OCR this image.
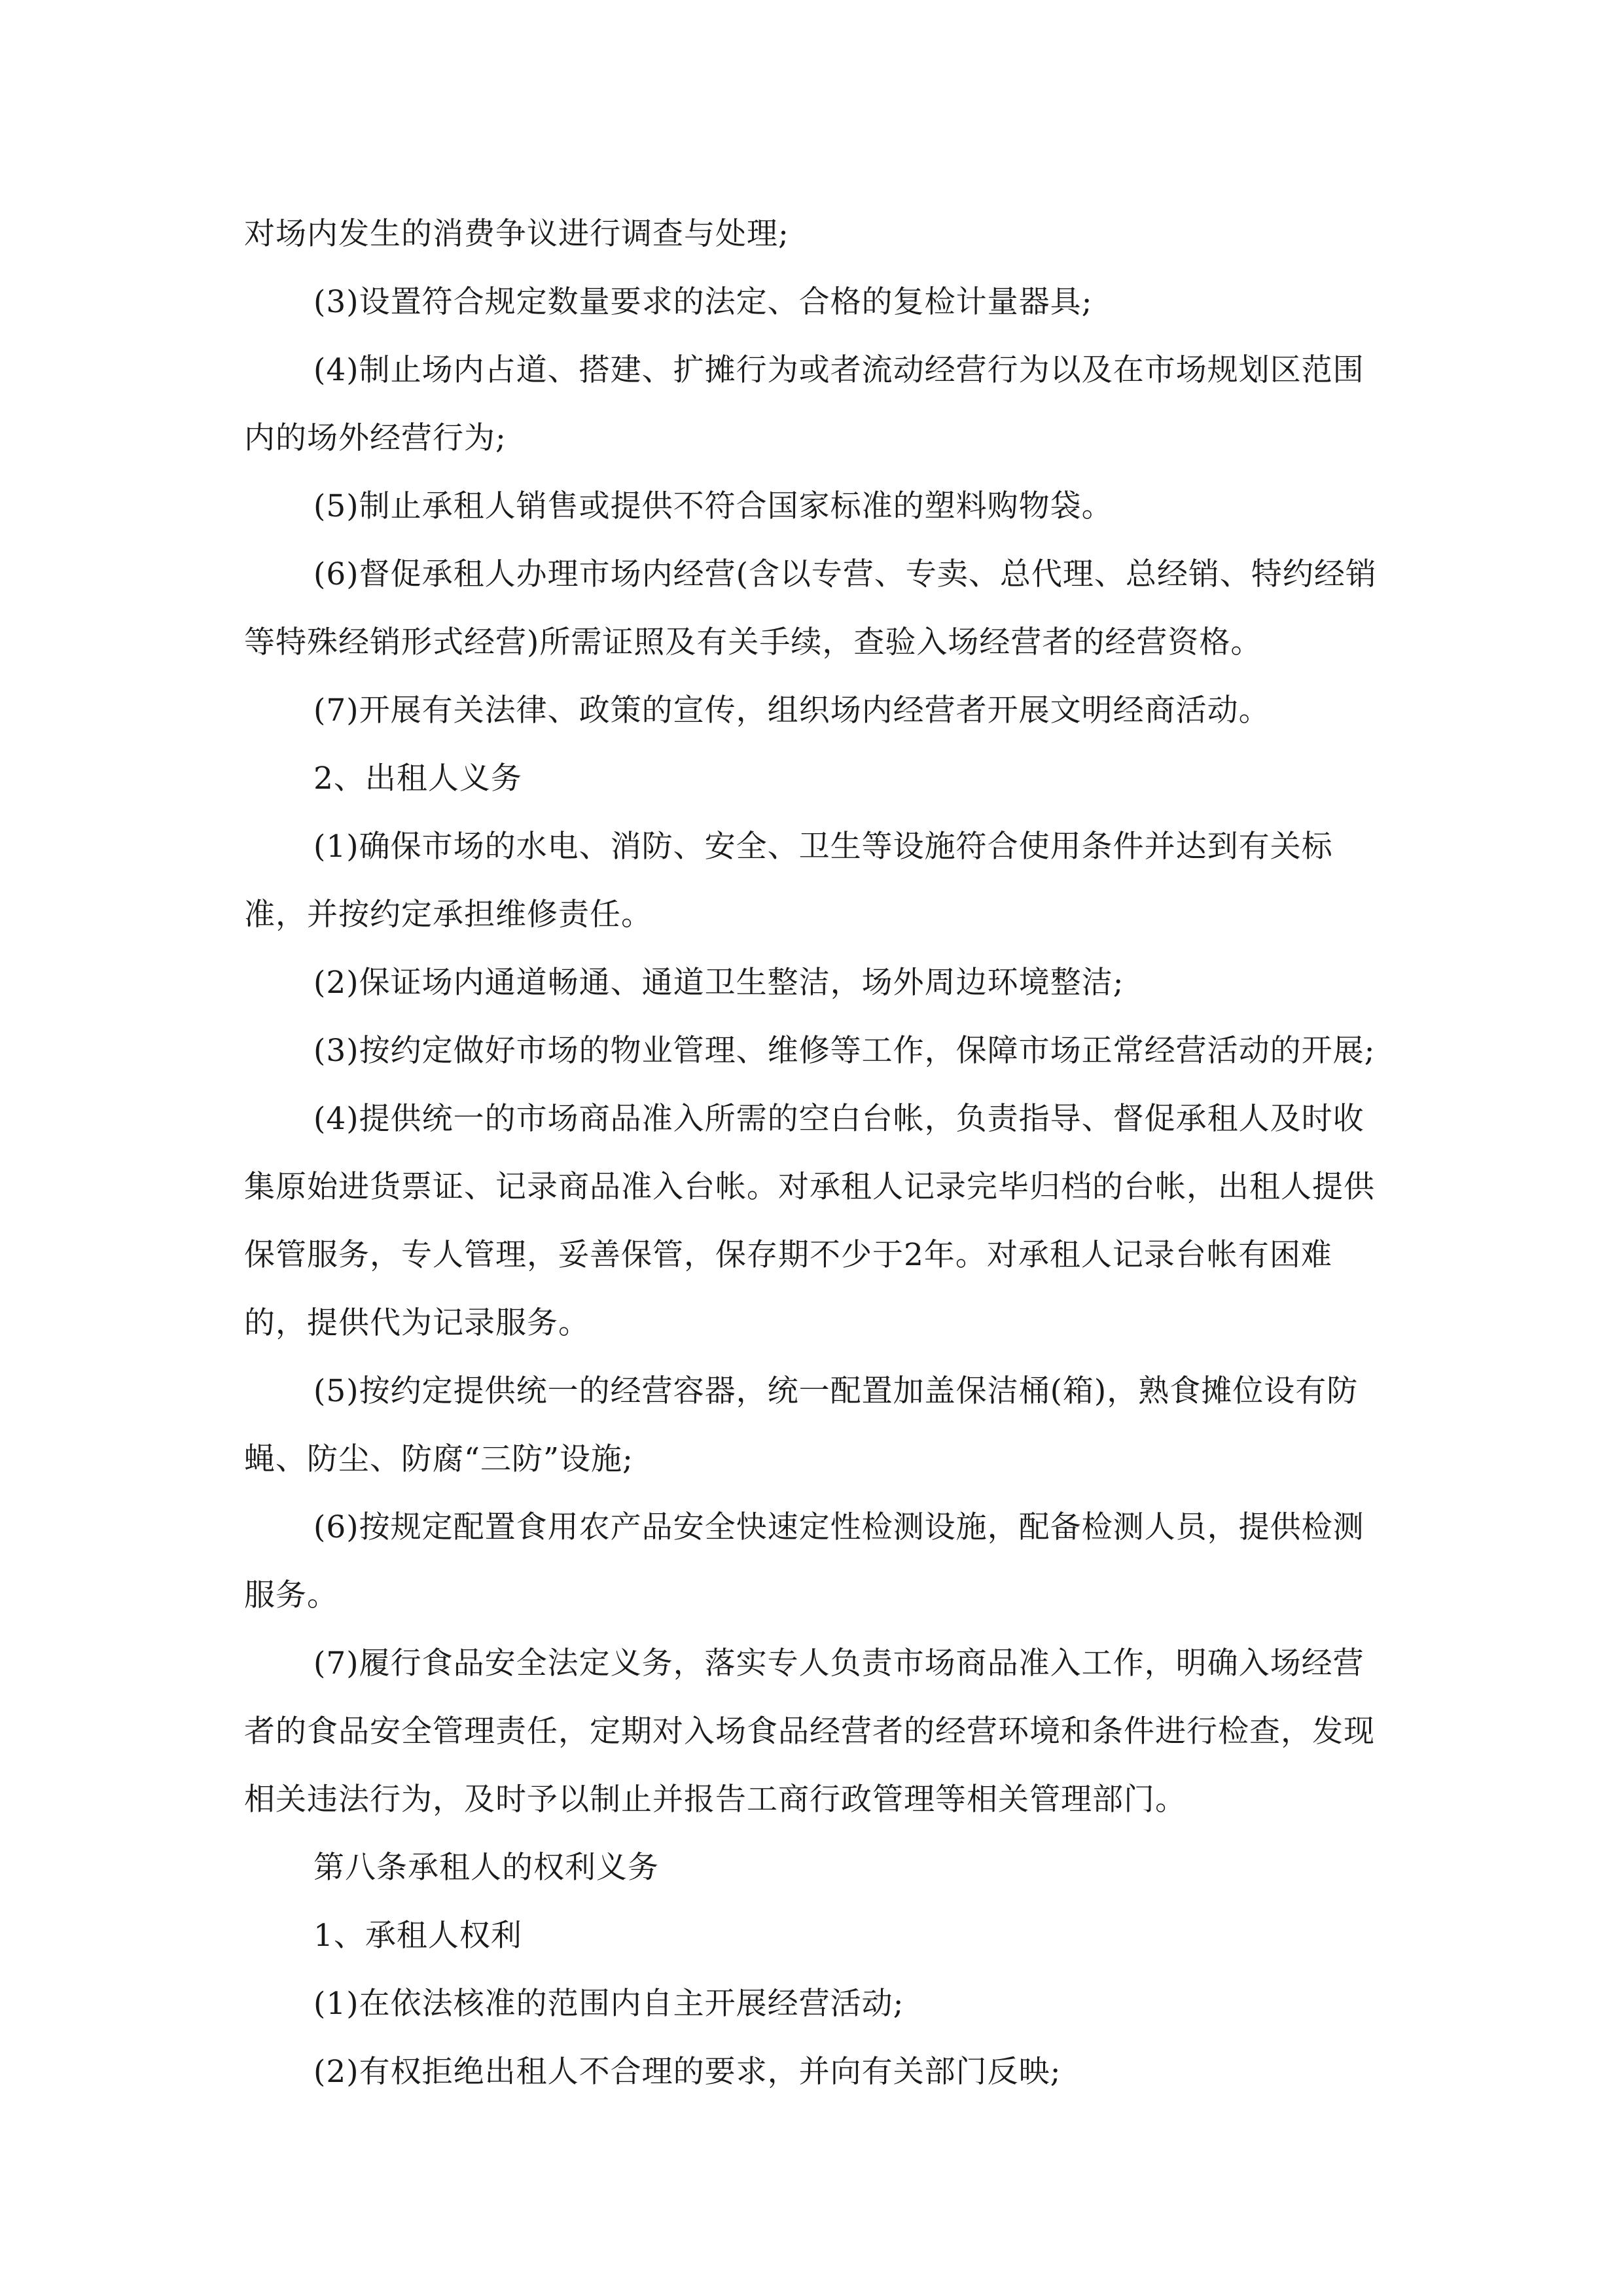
对场内发生的消费争议进行调查与处理;

(3)设置符合规定数量要求的法定、合格的复检计量器具;

(4)制止场内占道、搭建、扩摊行为或者流动经营行为以及在市场规划区范围内的场外经营行为;

(5)制止承租人销售或提供不符合国家标准的塑料购物袋。

(6)督促承租人办理市场内经营(含以专营、专卖、总代理、总经销、特约经销等特殊经销形式经营)所需证照及有关手续，查验入场经营者的经营资格。

(7)开展有关法律、政策的宣传，组织场内经营者开展文明经商活动。

2、出租人义务

(1)确保市场的水电、消防、安全、卫生等设施符合使用条件并达到有关标准，并按约定承担维修责任。

(2)保证场内通道畅通、通道卫生整洁，场外周边环境整洁;

(3)按约定做好市场的物业管理、维修等工作，保障市场正常经营活动的开展;

(4)提供统一的市场商品准入所需的空白台帐，负责指导、督促承租人及时收集原始进货票证、记录商品准入台帐。对承租人记录完毕归档的台帐，出租人提供保管服务，专人管理，妥善保管，保存期不少于2年。对承租人记录台帐有困难的，提供代为记录服务。

(5)按约定提供统一的经营容器，统一配置加盖保洁桶(箱)，熟食摊位设有防蝇、防尘、防腐“三防”设施;

(6)按规定配置食用农产品安全快速定性检测设施，配备检测人员，提供检测服务。

(7)履行食品安全法定义务，落实专人负责市场商品准入工作，明确入场经营者的食品安全管理责任，定期对入场食品经营者的经营环境和条件进行检查，发现相关违法行为，及时予以制止并报告工商行政管理等相关管理部门。

第八条承租人的权利义务

1、承租人权利

(1)在依法核准的范围内自主开展经营活动;

(2)有权拒绝出租人不合理的要求，并向有关部门反映;
